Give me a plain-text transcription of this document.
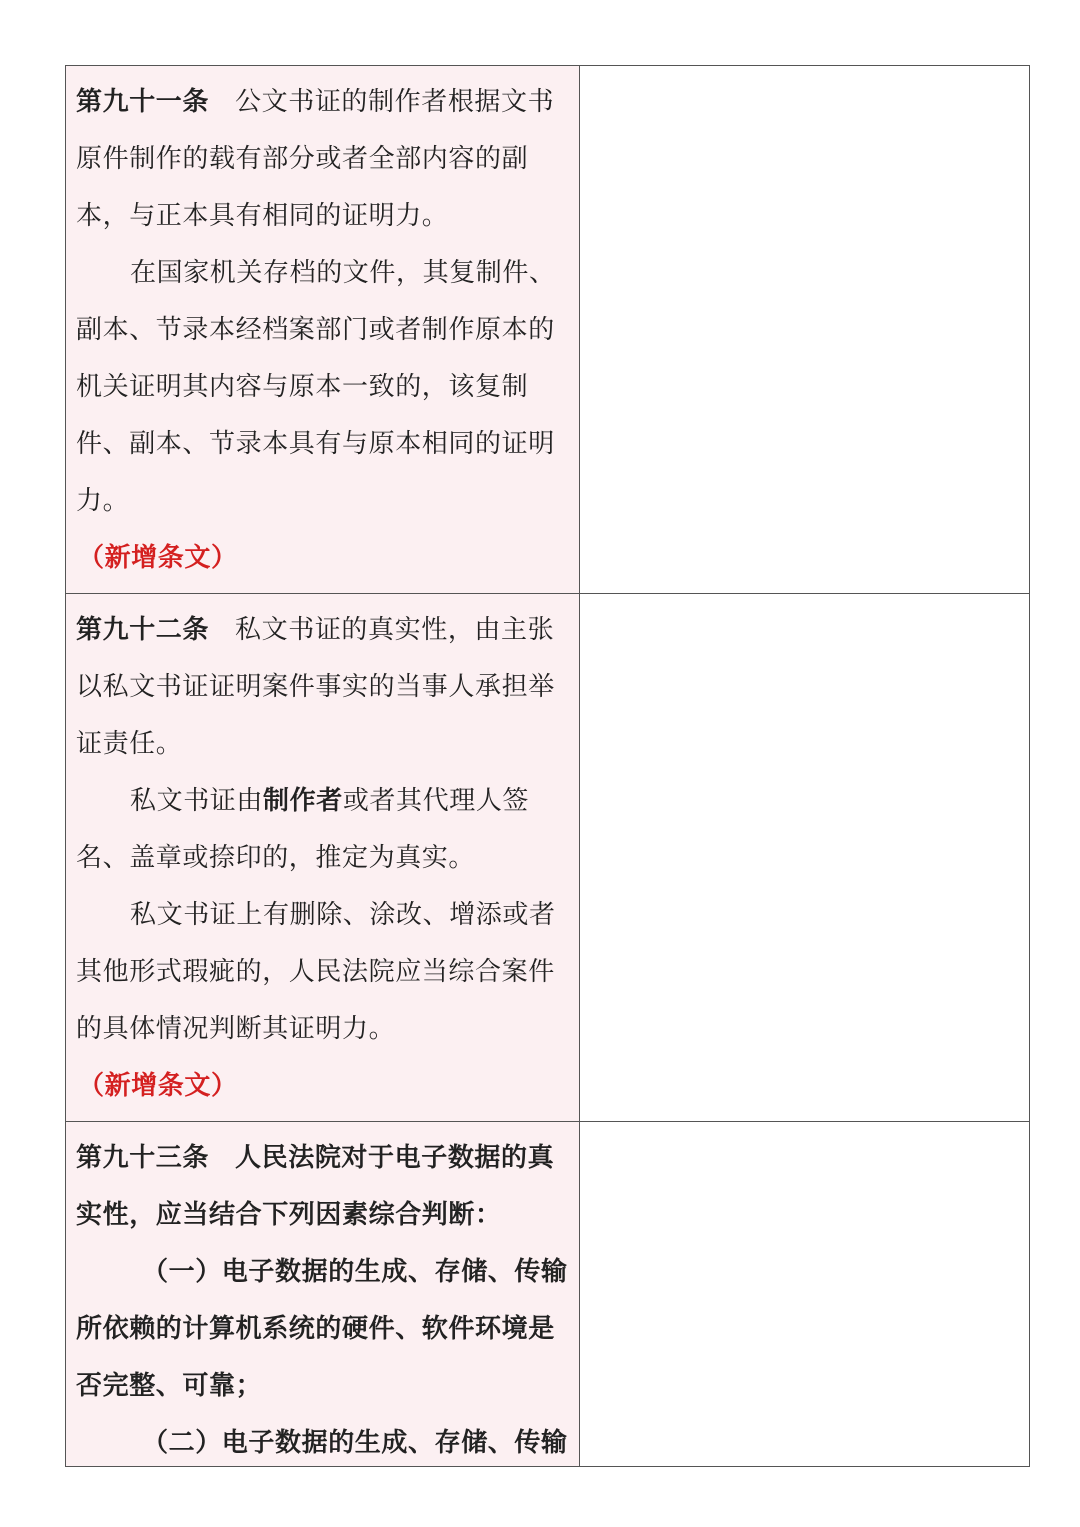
第九十一条 公文书证的制作者根据文书原件制作的载有部分或者全部内容的副本，与正本具有相同的证明力。

在国家机关存档的文件，其复制件、副本、节录本经档案部门或者制作原本的机关证明其内容与原本一致的，该复制件、副本、节录本具有与原本相同的证明力。

（新增条文）	

第九十二条 私文书证的真实性，由主张以私文书证证明案件事实的当事人承担举证责任。

私文书证由制作者或者其代理人签名、盖章或捺印的，推定为真实。

私文书证上有删除、涂改、增添或者其他形式瑕疵的，人民法院应当综合案件的具体情况判断其证明力。

（新增条文）	

第九十三条 人民法院对于电子数据的真实性，应当结合下列因素综合判断：

（一）电子数据的生成、存储、传输所依赖的计算机系统的硬件、软件环境是否完整、可靠；

（二）电子数据的生成、存储、传输	
